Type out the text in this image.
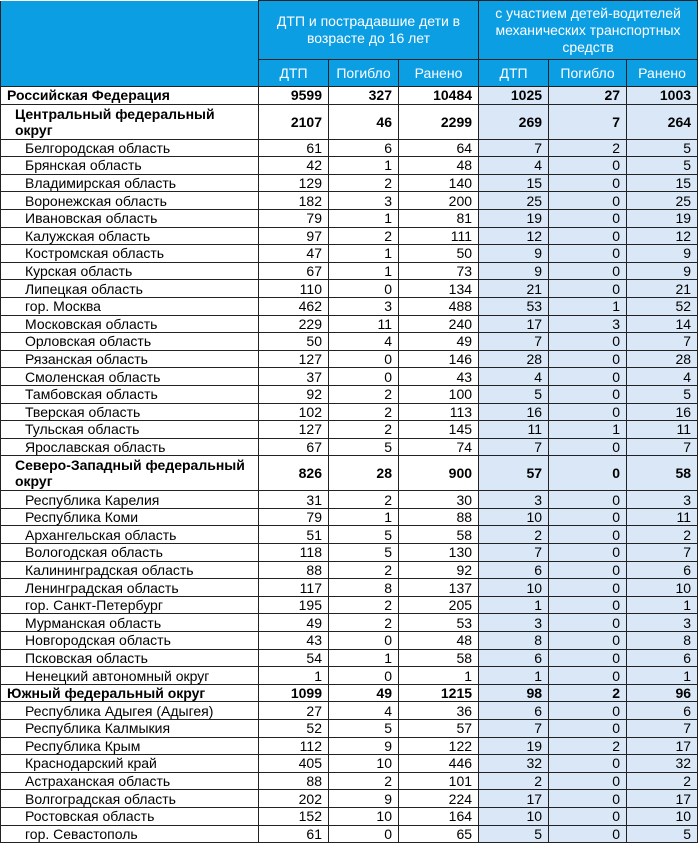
	ДТП и пострадавшие дети в возрасте до 16 лет			с участием детей-водителей механических транспортных средств		
	ДТП	Погибло	Ранено	ДТП	Погибло	Ранено
Российская Федерация	9599	327	10484	1025	27	1003
Центральный федеральный округ	2107	46	2299	269	7	264
Белгородская область	61	6	64	7	2	5
Брянская область	42	1	48	4	0	5
Владимирская область	129	2	140	15	0	15
Воронежская область	182	3	200	25	0	25
Ивановская область	79	1	81	19	0	19
Калужская область	97	2	111	12	0	12
Костромская область	47	1	50	9	0	9
Курская область	67	1	73	9	0	9
Липецкая область	110	0	134	21	0	21
гор. Москва	462	3	488	53	1	52
Московская область	229	11	240	17	3	14
Орловская область	50	4	49	7	0	7
Рязанская область	127	0	146	28	0	28
Смоленская область	37	0	43	4	0	4
Тамбовская область	92	2	100	5	0	5
Тверская область	102	2	113	16	0	16
Тульская область	127	2	145	11	1	11
Ярославская область	67	5	74	7	0	7
Северо-Западный федеральный округ	826	28	900	57	0	58
Республика Карелия	31	2	30	3	0	3
Республика Коми	79	1	88	10	0	11
Архангельская область	51	5	58	2	0	2
Вологодская область	118	5	130	7	0	7
Калининградская область	88	2	92	6	0	6
Ленинградская область	117	8	137	10	0	10
гор. Санкт-Петербург	195	2	205	1	0	1
Мурманская область	49	2	53	3	0	3
Новгородская область	43	0	48	8	0	8
Псковская область	54	1	58	6	0	6
Ненецкий автономный округ	1	0	1	1	0	1
Южный федеральный округ	1099	49	1215	98	2	96
Республика Адыгея (Адыгея)	27	4	36	6	0	6
Республика Калмыкия	52	5	57	7	0	7
Республика Крым	112	9	122	19	2	17
Краснодарский край	405	10	446	32	0	32
Астраханская область	88	2	101	2	0	2
Волгоградская область	202	9	224	17	0	17
Ростовская область	152	10	164	10	0	10
гор. Севастополь	61	0	65	5	0	5
